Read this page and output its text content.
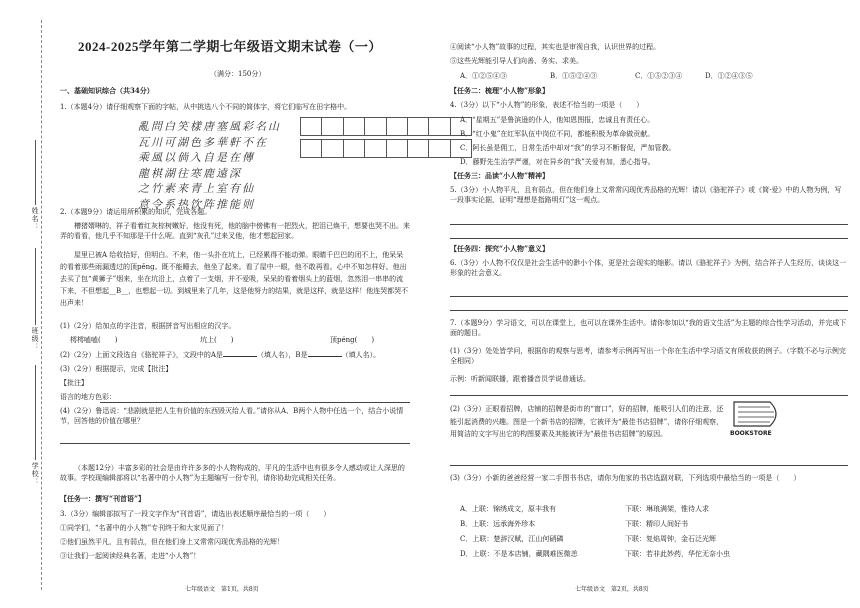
姓名：
班级：
学校：
2024-2025学年第二学期七年级语文期末试卷（一）
（满分：150分）
一、基础知识综合（共34分）
1.（本题4分）请仔细观察下面的字帖，从中挑选八个不同的简体字，将它们临写在田字格中。
亂問白笑樣唐塞風彩名山
瓦川可湖色多華軒不在
乘風以倘入自是在傳
龍棋湖往寒鹿遠深
之竹素来青上室有仙
意令系热饮阵推能则
2.（本题9分）请运用所积累的知识，完成各题。

槽猪婿啉的，祥子看着红灰棕树嫩好，他没有死，他的脑中傍佛有一把烈火，把泪已焕干，想要也哭不出。来弄的看看，他几乎不知那是干什么呢。直到“灰孔”过来叉他，他才想起回家。

屋里已被A 给收拾好，但明白。不来，他一头扑在坑上，已经累得不能动弹。眼睛千巴巴的闭不上，他呆呆的看着那些雨漏透过的顶pěng。既不能睡去，他坐了起来。看了屋中一眼，他不敢再看。心中不知怎样好。他出去买了包“黄狮子”烟来，坐在坑沿上，点着了一支烟，并不爱吸，呆呆的看着烟头上的蓝烟，忽然泪一串串的流下来，不但想起__B__，也想起一切。到城里来了几年，这是他努力的结果，就是这样，就是这样！他连哭都哭不出声来！

(1)（2分）给加点的字注音，根据拼音写出相应的汉字。
樗樗嗑嗑(　　)	坑上(　　)	顶péng(　　)
(2)（2分）上面文段选自《骆驼祥子》，文段中的A是	（填人名），B是	（填人名）。
(3)（2分）根据提示，完成【批注】
【批注】
语言的地方色彩：

(4)（2分）鲁迅说：“悲剧就是把人生有价值的东西毁灭给人看。”请你从A、B两个人物中任选一个，结合小说情节，回答他的价值在哪里？

（本题12分）丰富多彩的社会是由许许多多的小人物构成的，平凡的生活中也有很多令人感动或让人深思的故事。学校现编辑部将以“名著中的小人物”为主题编写一份专刊，请你协助完成相关任务。

【任务一：撰写“刊首语”】
3.（3分）编辑部拟写了一段文字作为“刊首语”，请选出表述顺序最恰当的一项（　　）
①同学们，“名著中的小人物”专刊终于和大家见面了！
②他们虽然平凡，且有弱点，但在他们身上又常常闪现优秀品格的光辉！
③让我们一起阅读经典名著，走进“小人物”！
七年级语文　第1页，共8页
④阅读“小人物”故事的过程，其实也是审视自我，认识世界的过程。
⑤这些光辉能引导人们向善、务实、求美。
A．①②⑤④③	B．①⑤②④③	C．①⑤②③④	D．①②④③⑤
【任务二：梳理“小人物”形象】
4.（3分）以下“小人物”的形象，表述不恰当的一项是（　　）
A．“星期五”是鲁滨逊的仆人，他知恩图报，忠诚且有责任心。
B．“红小鬼”在红军队伍中岗位不同，都能积极为革命做贡献。
C．阿长虽是佣工，日常生活中却对“我”的学习不断督促，严加管教。
D．藤野先生治学严谨，对在异乡的“我”关爱有加，悉心指导。
【任务三：品读“小人物”精神】

5.（3分）小人物平凡，且有弱点，但在他们身上又常常闪现优秀品格的光辉！请以《骆驼祥子》或《简·爱》中的人物为例，写一段事实论据，证明“理想是指路明灯”这一观点。

【任务四：探究“小人物”意义】

6.（3分）小人物不仅仅是社会生活中的渺小个体，更是社会现实的缩影。请以《骆驼祥子》为例，结合祥子人生经历，谈谈这一形象的社会意义。

7.（本题9分）学习语文，可以在课堂上，也可以在课外生活中。请你参加以“我的语文生活”为主题的综合性学习活动，并完成下面的题目。

(1)（3分）处处皆学问，根据你的观察与思考，请参考示例再写出一个你在生活中学习语文有所收获的例子。（字数不必与示例完全相同）

示例：听新闻联播，跟着播音员学说普通话。

(2)（3分）正眼看招牌，店铺的招牌是街市的“窗口”，好的招牌，能吸引人们的注意，还能引起消费的兴趣。图是一个新书店的招牌，它被评为“最佳书店招牌”，请你仔细观察，用简洁的文字写出它的构图要素及其能被评为“最佳书店招牌”的原因。

(3)（3分）小新的爸爸经营一家二手图书书店，请你为他家的书店选副对联，下列选项中最恰当的一项是（　　）

A．上联：锦绣成文，原丰我有	下联：琳琅满架，惟待人求
B．上联：远承海外珍本	下联：精印人间好书
C．上联：楚辞汉赋，江山何硝磷	下联：复焰周钟，金石泛光辉
D．上联：不是本店铺，藏隅难医微恙	下联：若非此妙药，华佗无奈小虫
七年级语文　第2页，共8页
BOOKSTORE
